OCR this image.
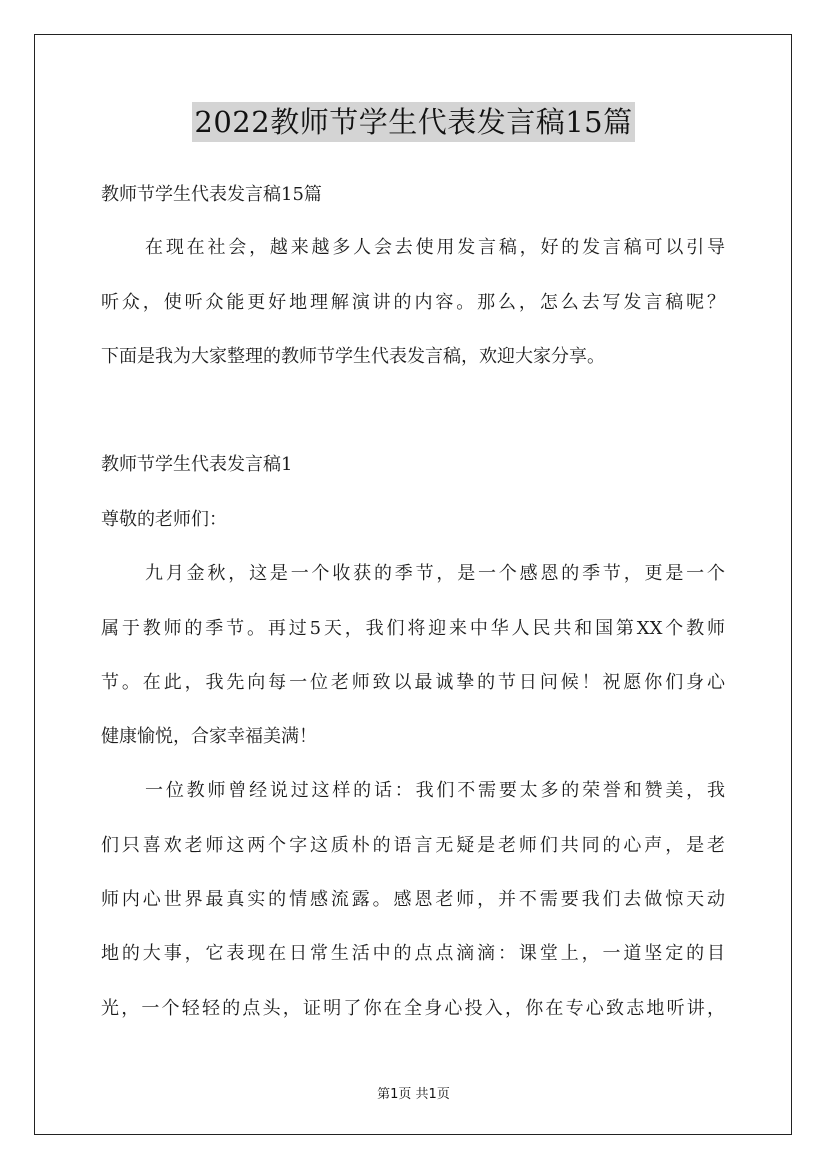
2022教师节学生代表发言稿15篇
教师节学生代表发言稿15篇
在现在社会，越来越多人会去使用发言稿，好的发言稿可以引导
听众，使听众能更好地理解演讲的内容。那么，怎么去写发言稿呢？
下面是我为大家整理的教师节学生代表发言稿，欢迎大家分享。
教师节学生代表发言稿1
尊敬的老师们：
九月金秋，这是一个收获的季节，是一个感恩的季节，更是一个
属于教师的季节。再过5天，我们将迎来中华人民共和国第XX个教师
节。在此，我先向每一位老师致以最诚挚的节日问候！祝愿你们身心
健康愉悦，合家幸福美满！
一位教师曾经说过这样的话：我们不需要太多的荣誉和赞美，我
们只喜欢老师这两个字这质朴的语言无疑是老师们共同的心声，是老
师内心世界最真实的情感流露。感恩老师，并不需要我们去做惊天动
地的大事，它表现在日常生活中的点点滴滴：课堂上，一道坚定的目
光，一个轻轻的点头，证明了你在全身心投入，你在专心致志地听讲，
第1页 共1页
